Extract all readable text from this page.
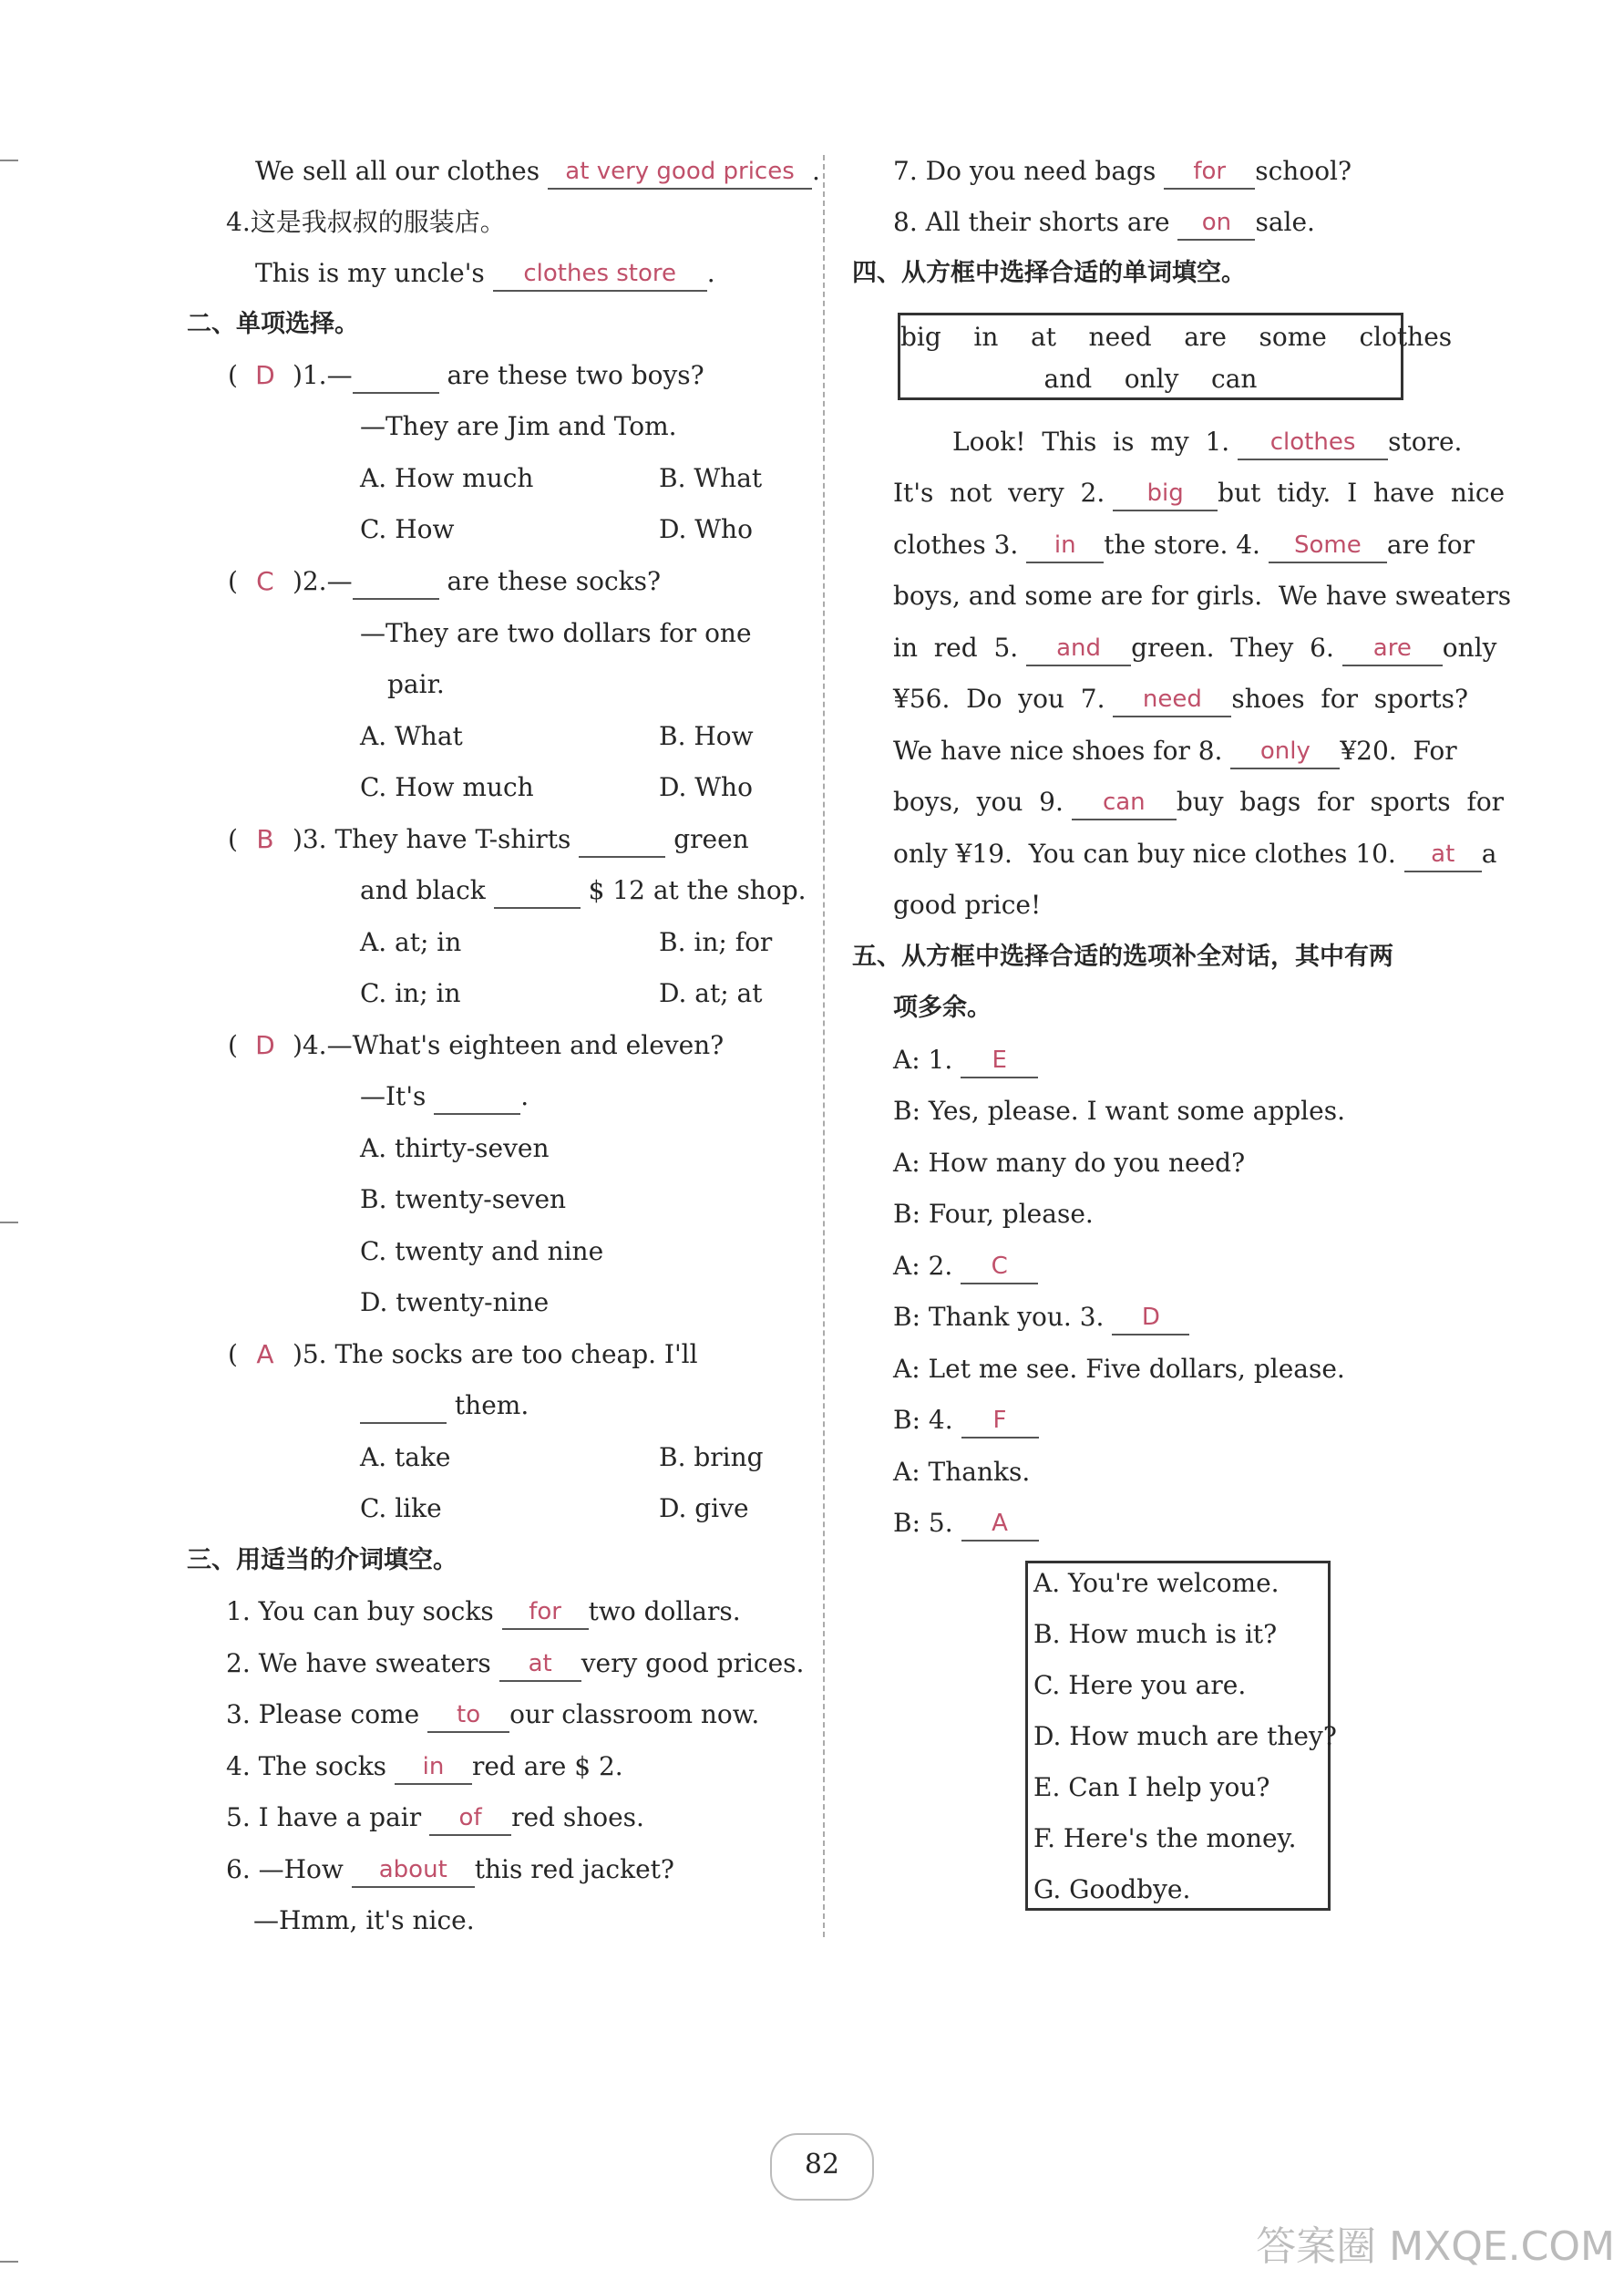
We sell all our clothes at very good prices .
4.这是我叔叔的服装店。
This is my uncle's clothes store .
二、单项选择。
( D )1.—	are these two boys?
—They are Jim and Tom.
A. How much	B. What
C. How	D. Who
( C )2.—	are these socks?
—They are two dollars for one
pair.
A. What	B. How
C. How much	D. Who
( B )3. They have T-shirts	green
and black	$ 12 at the shop.
A. at; in	B. in; for
C. in; in	D. at; at
( D )4.—What's eighteen and eleven?
—It's	.
A. thirty-seven
B. twenty-seven
C. twenty and nine
D. twenty-nine
( A )5. The socks are too cheap. I'll
them.
A. take	B. bring
C. like	D. give
三、用适当的介词填空。
1. You can buy socks for two dollars.
2. We have sweaters at very good prices.
3. Please come to our classroom now.
4. The socks in red are $ 2.
5. I have a pair of red shoes.
6. —How about this red jacket?
—Hmm, it's nice.
7. Do you need bags for school?
8. All their shorts are on sale.
四、从方框中选择合适的单词填空。
big    in    at    need    are    some    clothes
and    only    can
Look!  This  is  my  1. clothes store.
It's  not  very  2. big but  tidy.  I  have  nice
clothes 3. in the store. 4. Some are for
boys, and some are for girls.  We have sweaters
in  red  5. and green.  They  6. are only
¥56.  Do  you  7. need shoes  for  sports?
We have nice shoes for 8. only ¥20.  For
boys,  you  9. can buy  bags  for  sports  for
only ¥19.  You can buy nice clothes 10. at a
good price!
五、从方框中选择合适的选项补全对话，其中有两
项多余。
A: 1. E
B: Yes, please. I want some apples.
A: How many do you need?
B: Four, please.
A: 2. C
B: Thank you. 3. D
A: Let me see. Five dollars, please.
B: 4. F
A: Thanks.
B: 5. A
A. You're welcome.
B. How much is it?
C. Here you are.
D. How much are they?
E. Can I help you?
F. Here's the money.
G. Goodbye.
82
答案圈 MXQE.COM
